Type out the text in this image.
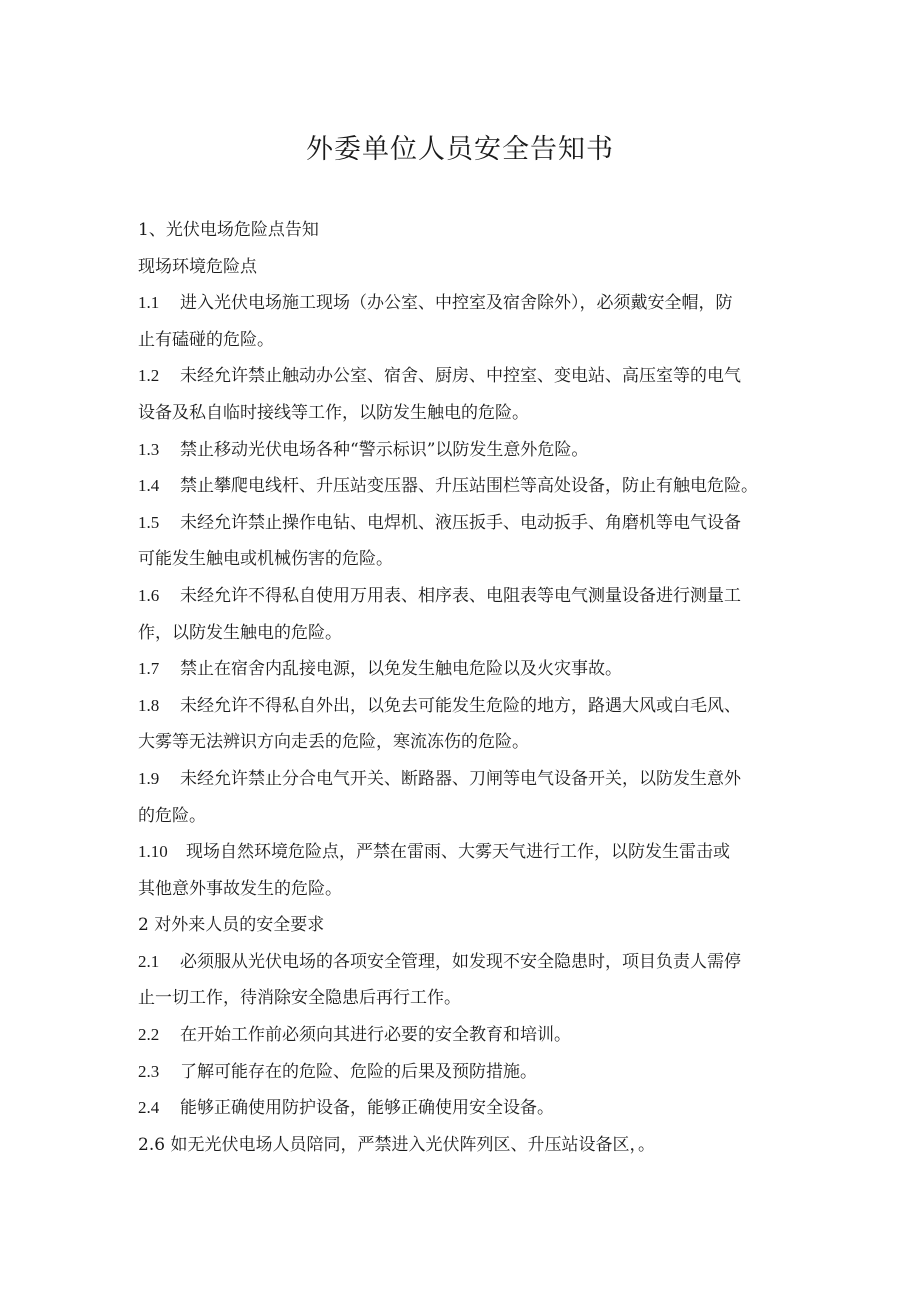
外委单位人员安全告知书
1、光伏电场危险点告知
现场环境危险点
1.1 进入光伏电场施工现场（办公室、中控室及宿舍除外），必须戴安全帽，防
止有磕碰的危险。
1.2 未经允许禁止触动办公室、宿舍、厨房、中控室、变电站、高压室等的电气
设备及私自临时接线等工作，以防发生触电的危险。
1.3 禁止移动光伏电场各种“警示标识”以防发生意外危险。
1.4 禁止攀爬电线杆、升压站变压器、升压站围栏等高处设备，防止有触电危险。
1.5 未经允许禁止操作电钻、电焊机、液压扳手、电动扳手、角磨机等电气设备
可能发生触电或机械伤害的危险。
1.6 未经允许不得私自使用万用表、相序表、电阻表等电气测量设备进行测量工
作，以防发生触电的危险。
1.7 禁止在宿舍内乱接电源，以免发生触电危险以及火灾事故。
1.8 未经允许不得私自外出，以免去可能发生危险的地方，路遇大风或白毛风、
大雾等无法辨识方向走丢的危险，寒流冻伤的危险。
1.9 未经允许禁止分合电气开关、断路器、刀闸等电气设备开关，以防发生意外
的危险。
1.10 现场自然环境危险点，严禁在雷雨、大雾天气进行工作，以防发生雷击或
其他意外事故发生的危险。
2 对外来人员的安全要求
2.1 必须服从光伏电场的各项安全管理，如发现不安全隐患时，项目负责人需停
止一切工作，待消除安全隐患后再行工作。
2.2 在开始工作前必须向其进行必要的安全教育和培训。
2.3 了解可能存在的危险、危险的后果及预防措施。
2.4 能够正确使用防护设备，能够正确使用安全设备。
2.6 如无光伏电场人员陪同，严禁进入光伏阵列区、升压站设备区，。
